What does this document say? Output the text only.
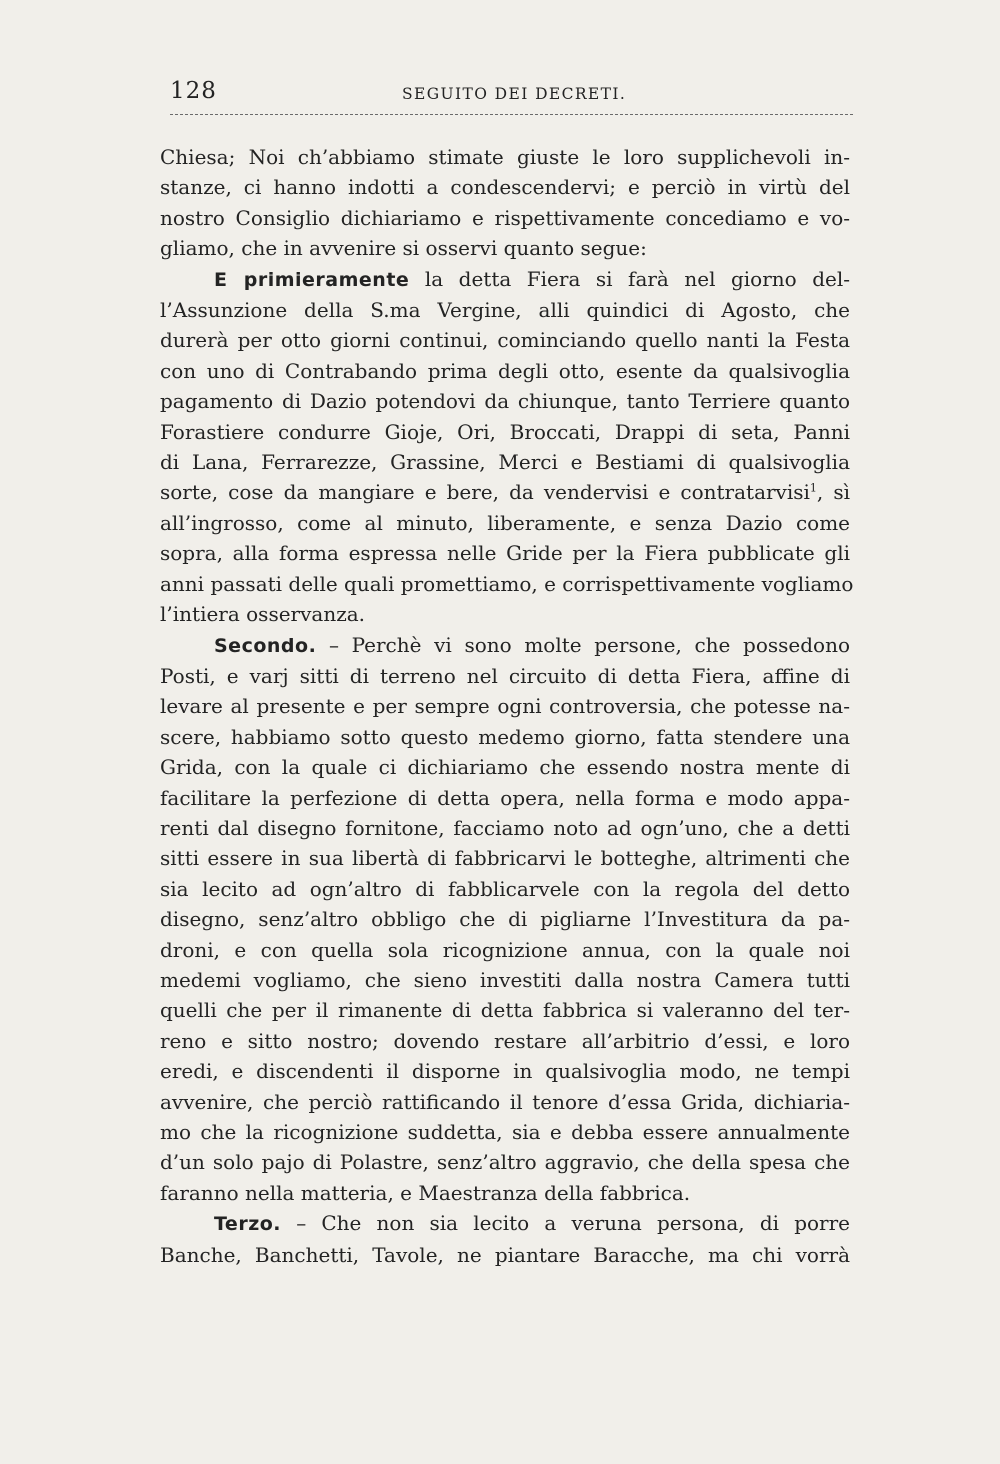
128	SEGUITO DEI DECRETI.
Chiesa; Noi ch’abbiamo stimate giuste le loro supplichevoli in-
stanze, ci hanno indotti a condescendervi; e perciò in virtù del
nostro Consiglio dichiariamo e rispettivamente concediamo e vo-
gliamo, che in avvenire si osservi quanto segue:
E primieramente la detta Fiera si farà nel giorno del-
l’Assunzione della S.ma Vergine, alli quindici di Agosto, che
durerà per otto giorni continui, cominciando quello nanti la Festa
con uno di Contrabando prima degli otto, esente da qualsivoglia
pagamento di Dazio potendovi da chiunque, tanto Terriere quanto
Forastiere condurre Gioje, Ori, Broccati, Drappi di seta, Panni
di Lana, Ferrarezze, Grassine, Merci e Bestiami di qualsivoglia
sorte, cose da mangiare e bere, da vendervisi e contratarvisi$^1$, sì
all’ingrosso, come al minuto, liberamente, e senza Dazio come
sopra, alla forma espressa nelle Gride per la Fiera pubblicate gli
anni passati delle quali promettiamo, e corrispettivamente vogliamo
l’intiera osservanza.
Secondo. – Perchè vi sono molte persone, che possedono
Posti, e varj sitti di terreno nel circuito di detta Fiera, affine di
levare al presente e per sempre ogni controversia, che potesse na-
scere, habbiamo sotto questo medemo giorno, fatta stendere una
Grida, con la quale ci dichiariamo che essendo nostra mente di
facilitare la perfezione di detta opera, nella forma e modo appa-
renti dal disegno fornitone, facciamo noto ad ogn’uno, che a detti
sitti essere in sua libertà di fabbricarvi le botteghe, altrimenti che
sia lecito ad ogn’altro di fabblicarvele con la regola del detto
disegno, senz’altro obbligo che di pigliarne l’Investitura da pa-
droni, e con quella sola ricognizione annua, con la quale noi
medemi vogliamo, che sieno investiti dalla nostra Camera tutti
quelli che per il rimanente di detta fabbrica si valeranno del ter-
reno e sitto nostro; dovendo restare all’arbitrio d’essi, e loro
eredi, e discendenti il disporne in qualsivoglia modo, ne tempi
avvenire, che perciò rattificando il tenore d’essa Grida, dichiaria-
mo che la ricognizione suddetta, sia e debba essere annualmente
d’un solo pajo di Polastre, senz’altro aggravio, che della spesa che
faranno nella matteria, e Maestranza della fabbrica.
Terzo. – Che non sia lecito a veruna persona, di porre
Banche, Banchetti, Tavole, ne piantare Baracche, ma chi vorrà
